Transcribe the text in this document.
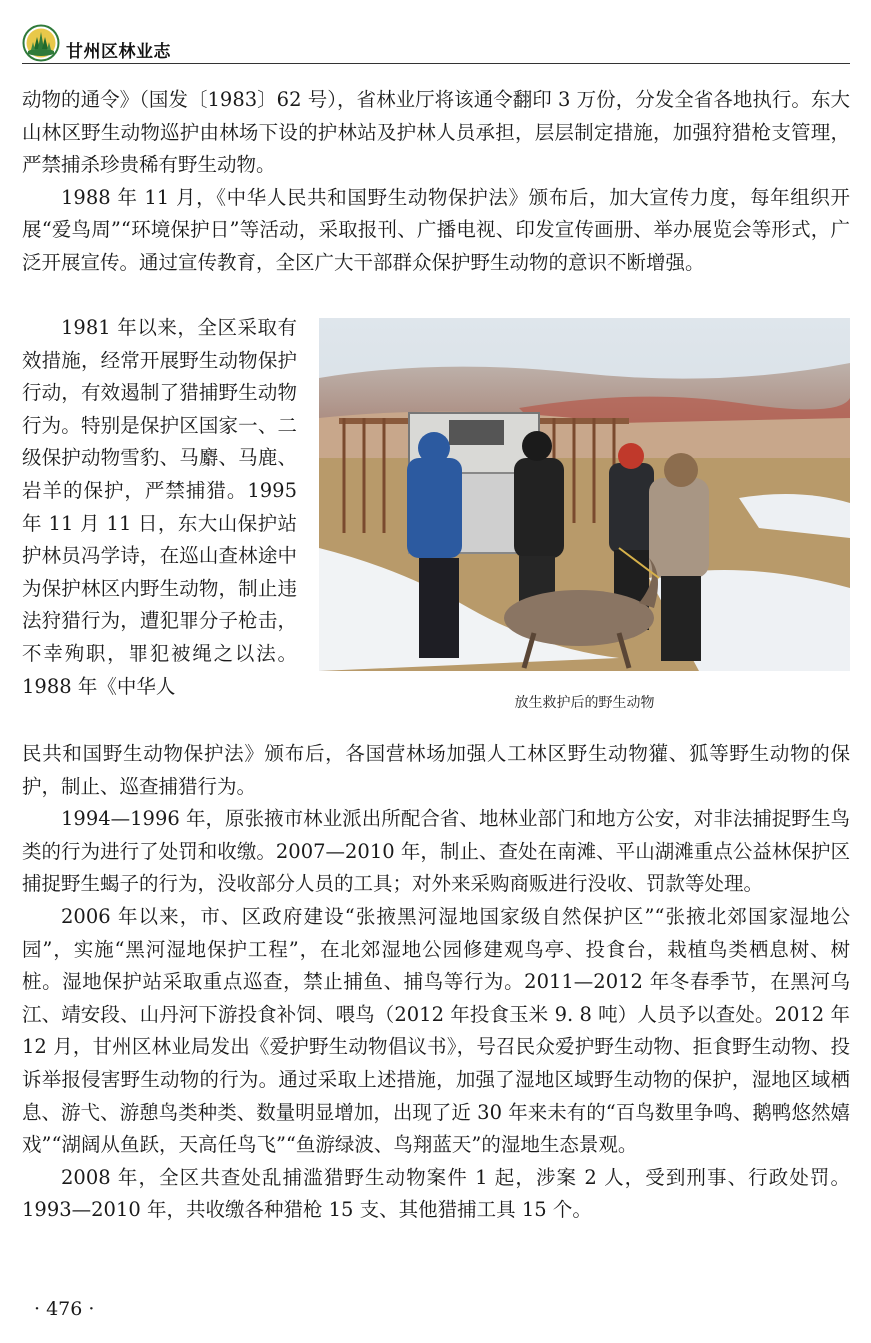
甘州区林业志

动物的通令》（国发〔1983〕62 号），省林业厅将该通令翻印 3 万份，分发全省各地执行。东大山林区野生动物巡护由林场下设的护林站及护林人员承担，层层制定措施，加强狩猎枪支管理，严禁捕杀珍贵稀有野生动物。

1988 年 11 月，《中华人民共和国野生动物保护法》颁布后，加大宣传力度，每年组织开展“爱鸟周”“环境保护日”等活动，采取报刊、广播电视、印发宣传画册、举办展览会等形式，广泛开展宣传。通过宣传教育，全区广大干部群众保护野生动物的意识不断增强。

1981 年以来，全区采取有效措施，经常开展野生动物保护行动，有效遏制了猎捕野生动物行为。特别是保护区国家一、二级保护动物雪豹、马麝、马鹿、岩羊的保护，严禁捕猎。1995 年 11 月 11 日，东大山保护站护林员冯学诗，在巡山查林途中为保护林区内野生动物，制止违法狩猎行为，遭犯罪分子枪击，不幸殉职，罪犯被绳之以法。1988 年《中华人

放生救护后的野生动物

民共和国野生动物保护法》颁布后，各国营林场加强人工林区野生动物獾、狐等野生动物的保护，制止、巡查捕猎行为。

1994—1996 年，原张掖市林业派出所配合省、地林业部门和地方公安，对非法捕捉野生鸟类的行为进行了处罚和收缴。2007—2010 年，制止、查处在南滩、平山湖滩重点公益林保护区捕捉野生蝎子的行为，没收部分人员的工具；对外来采购商贩进行没收、罚款等处理。

2006 年以来，市、区政府建设“张掖黑河湿地国家级自然保护区”“张掖北郊国家湿地公园”，实施“黑河湿地保护工程”，在北郊湿地公园修建观鸟亭、投食台，栽植鸟类栖息树、树桩。湿地保护站采取重点巡查，禁止捕鱼、捕鸟等行为。2011—2012 年冬春季节，在黑河乌江、靖安段、山丹河下游投食补饲、喂鸟（2012 年投食玉米 9. 8 吨）人员予以查处。2012 年 12 月，甘州区林业局发出《爱护野生动物倡议书》，号召民众爱护野生动物、拒食野生动物、投诉举报侵害野生动物的行为。通过采取上述措施，加强了湿地区域野生动物的保护，湿地区域栖息、游弋、游憩鸟类种类、数量明显增加，出现了近 30 年来未有的“百鸟数里争鸣、鹅鸭悠然嬉戏”“湖阔从鱼跃，天高任鸟飞”“鱼游绿波、鸟翔蓝天”的湿地生态景观。

2008 年，全区共查处乱捕滥猎野生动物案件 1 起，涉案 2 人，受到刑事、行政处罚。1993—2010 年，共收缴各种猎枪 15 支、其他猎捕工具 15 个。

· 476 ·
